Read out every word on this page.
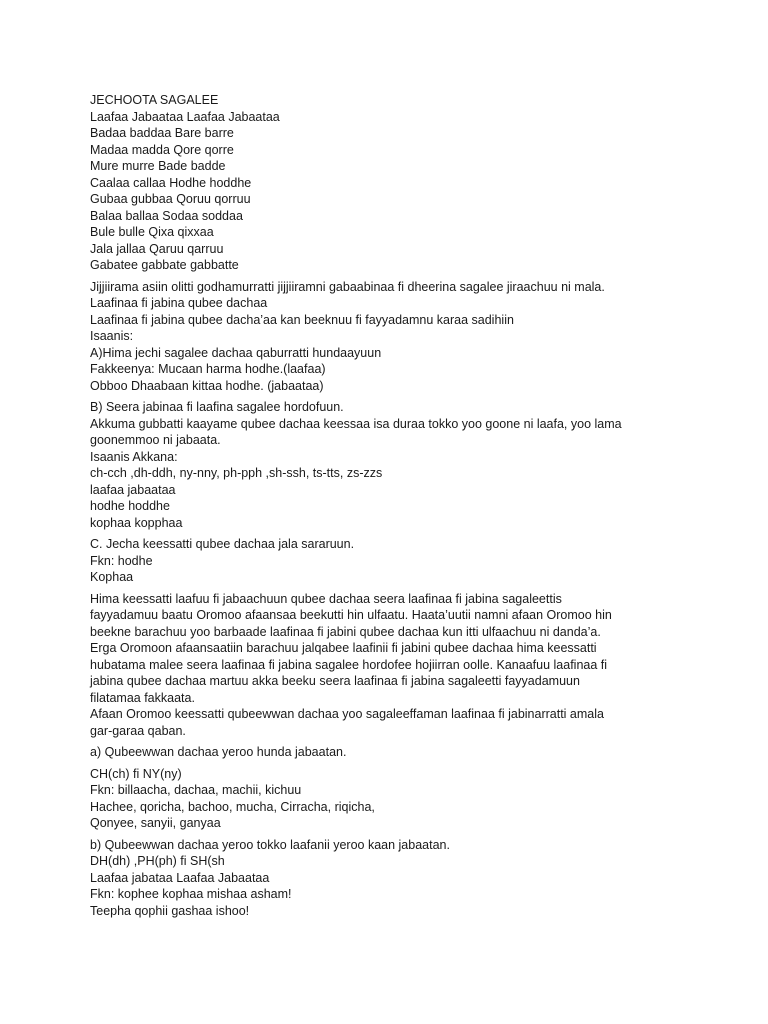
JECHOOTA SAGALEE
Laafaa Jabaataa Laafaa Jabaataa
Badaa baddaa Bare barre
Madaa madda Qore qorre
Mure murre Bade badde
Caalaa callaa Hodhe hoddhe
Gubaa gubbaa Qoruu qorruu
Balaa ballaa Sodaa soddaa
Bule bulle Qixa qixxaa
Jala jallaa Qaruu qarruu
Gabatee gabbate gabbatte
Jijjiirama asiin olitti godhamurratti jijjiiramni gabaabinaa fi dheerina sagalee jiraachuu ni mala.
Laafinaa fi jabina qubee dachaa
Laafinaa fi jabina qubee dacha’aa kan beeknuu fi fayyadamnu karaa sadihiin
Isaanis:
A)Hima jechi sagalee dachaa qaburratti hundaayuun
Fakkeenya: Mucaan harma hodhe.(laafaa)
Obboo Dhaabaan kittaa hodhe. (jabaataa)
B) Seera jabinaa fi laafina sagalee hordofuun.
Akkuma gubbatti kaayame qubee dachaa keessaa isa duraa tokko yoo goone ni laafa, yoo lama
goonemmoo ni jabaata.
Isaanis Akkana:
ch-cch ,dh-ddh, ny-nny, ph-pph ,sh-ssh, ts-tts, zs-zzs
laafaa jabaataa
hodhe hoddhe
kophaa kopphaa
C. Jecha keessatti qubee dachaa jala sararuun.
Fkn: hodhe
Kophaa
Hima keessatti laafuu fi jabaachuun qubee dachaa seera laafinaa fi jabina sagaleettis
fayyadamuu baatu Oromoo afaansaa beekutti hin ulfaatu. Haata’uutii namni afaan Oromoo hin
beekne barachuu yoo barbaade laafinaa fi jabini qubee dachaa kun itti ulfaachuu ni danda’a.
Erga Oromoon afaansaatiin barachuu jalqabee laafinii fi jabini qubee dachaa hima keessatti
hubatama malee seera laafinaa fi jabina sagalee hordofee hojiirran oolle. Kanaafuu laafinaa fi
jabina qubee dachaa martuu akka beeku seera laafinaa fi jabina sagaleetti fayyadamuun
filatamaa fakkaata.
Afaan Oromoo keessatti qubeewwan dachaa yoo sagaleeffaman laafinaa fi jabinarratti amala
gar-garaa qaban.
a) Qubeewwan dachaa yeroo hunda jabaatan.
CH(ch) fi NY(ny)
Fkn: billaacha, dachaa, machii, kichuu
Hachee, qoricha, bachoo, mucha, Cirracha, riqicha,
Qonyee, sanyii, ganyaa
b) Qubeewwan dachaa yeroo tokko laafanii yeroo kaan jabaatan.
DH(dh) ,PH(ph) fi SH(sh
Laafaa jabataa Laafaa Jabaataa
Fkn: kophee kophaa mishaa asham!
Teepha qophii gashaa ishoo!
